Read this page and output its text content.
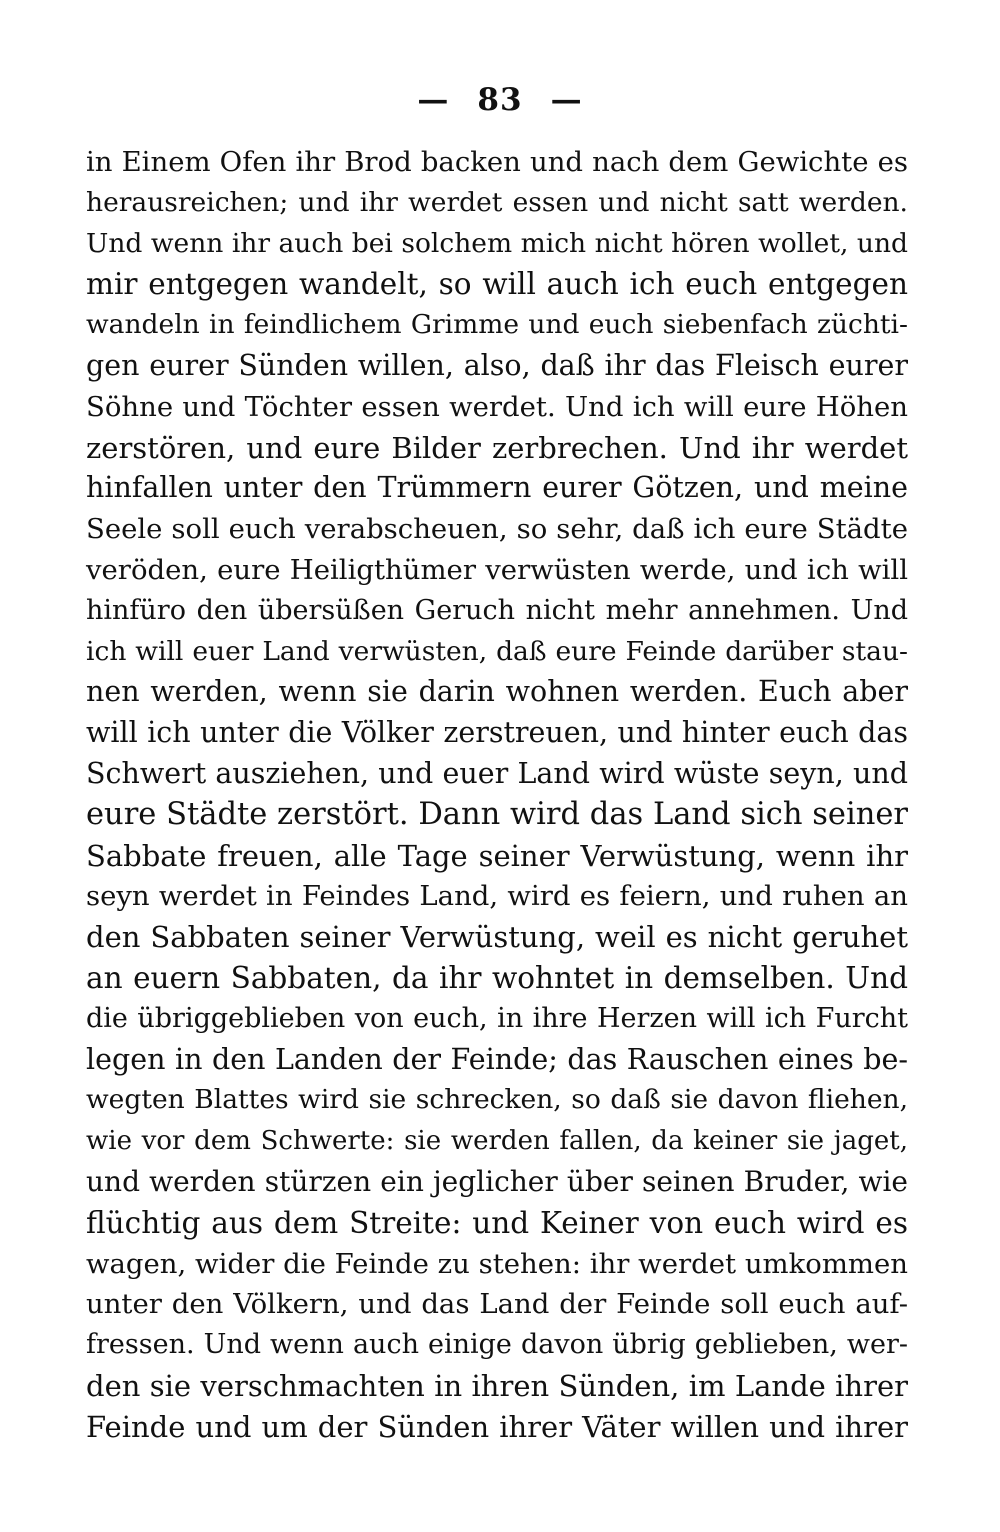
— 83 —
in Einem Ofen ihr Brod backen und nach dem Gewichte es
herausreichen; und ihr werdet essen und nicht satt werden.
Und wenn ihr auch bei solchem mich nicht hören wollet, und
mir entgegen wandelt, so will auch ich euch entgegen
wandeln in feindlichem Grimme und euch siebenfach züchti-
gen eurer Sünden willen, also, daß ihr das Fleisch eurer
Söhne und Töchter essen werdet. Und ich will eure Höhen
zerstören, und eure Bilder zerbrechen. Und ihr werdet
hinfallen unter den Trümmern eurer Götzen, und meine
Seele soll euch verabscheuen, so sehr, daß ich eure Städte
veröden, eure Heiligthümer verwüsten werde, und ich will
hinfüro den übersüßen Geruch nicht mehr annehmen. Und
ich will euer Land verwüsten, daß eure Feinde darüber stau-
nen werden, wenn sie darin wohnen werden. Euch aber
will ich unter die Völker zerstreuen, und hinter euch das
Schwert ausziehen, und euer Land wird wüste seyn, und
eure Städte zerstört. Dann wird das Land sich seiner
Sabbate freuen, alle Tage seiner Verwüstung, wenn ihr
seyn werdet in Feindes Land, wird es feiern, und ruhen an
den Sabbaten seiner Verwüstung, weil es nicht geruhet
an euern Sabbaten, da ihr wohntet in demselben. Und
die übriggeblieben von euch, in ihre Herzen will ich Furcht
legen in den Landen der Feinde; das Rauschen eines be-
wegten Blattes wird sie schrecken, so daß sie davon fliehen,
wie vor dem Schwerte: sie werden fallen, da keiner sie jaget,
und werden stürzen ein jeglicher über seinen Bruder, wie
flüchtig aus dem Streite: und Keiner von euch wird es
wagen, wider die Feinde zu stehen: ihr werdet umkommen
unter den Völkern, und das Land der Feinde soll euch auf-
fressen. Und wenn auch einige davon übrig geblieben, wer-
den sie verschmachten in ihren Sünden, im Lande ihrer
Feinde und um der Sünden ihrer Väter willen und ihrer
